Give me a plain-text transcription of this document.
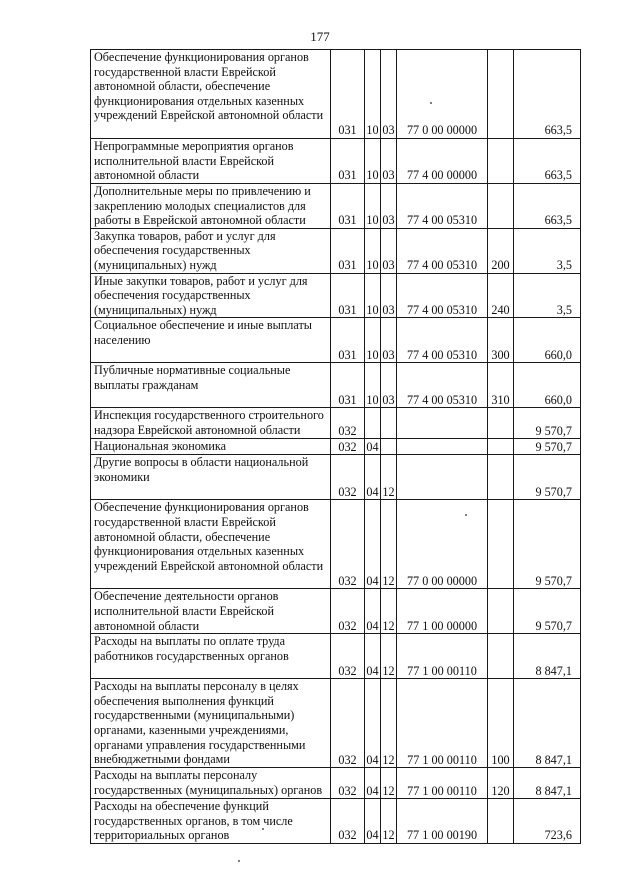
177
Обеспечение функционирования органов государственной власти Еврейской автономной области, обеспечение функционирования отдельных казенных учреждений Еврейской автономной области	031	10	03	77 0 00 00000		663,5
Непрограммные мероприятия органов исполнительной власти Еврейской автономной области	031	10	03	77 4 00 00000		663,5
Дополнительные меры по привлечению и закреплению молодых специалистов для работы в Еврейской автономной области	031	10	03	77 4 00 05310		663,5
Закупка товаров, работ и услуг для обеспечения государственных (муниципальных) нужд	031	10	03	77 4 00 05310	200	3,5
Иные закупки товаров, работ и услуг для обеспечения государственных (муниципальных) нужд	031	10	03	77 4 00 05310	240	3,5
Социальное обеспечение и иные выплаты населению	031	10	03	77 4 00 05310	300	660,0
Публичные нормативные социальные выплаты гражданам	031	10	03	77 4 00 05310	310	660,0
Инспекция государственного строительного надзора Еврейской автономной области	032					9 570,7
Национальная экономика	032	04				9 570,7
Другие вопросы в области национальной экономики	032	04	12			9 570,7
Обеспечение функционирования органов государственной власти Еврейской автономной области, обеспечение функционирования отдельных казенных учреждений Еврейской автономной области	032	04	12	77 0 00 00000		9 570,7
Обеспечение деятельности органов исполнительной власти Еврейской автономной области	032	04	12	77 1 00 00000		9 570,7
Расходы на выплаты по оплате труда работников государственных органов	032	04	12	77 1 00 00110		8 847,1
Расходы на выплаты персоналу в целях обеспечения выполнения функций государственными (муниципальными) органами, казенными учреждениями, органами управления государственными внебюджетными фондами	032	04	12	77 1 00 00110	100	8 847,1
Расходы на выплаты персоналу государственных (муниципальных) органов	032	04	12	77 1 00 00110	120	8 847,1
Расходы на обеспечение функций государственных органов, в том числе территориальных органов	032	04	12	77 1 00 00190		723,6
